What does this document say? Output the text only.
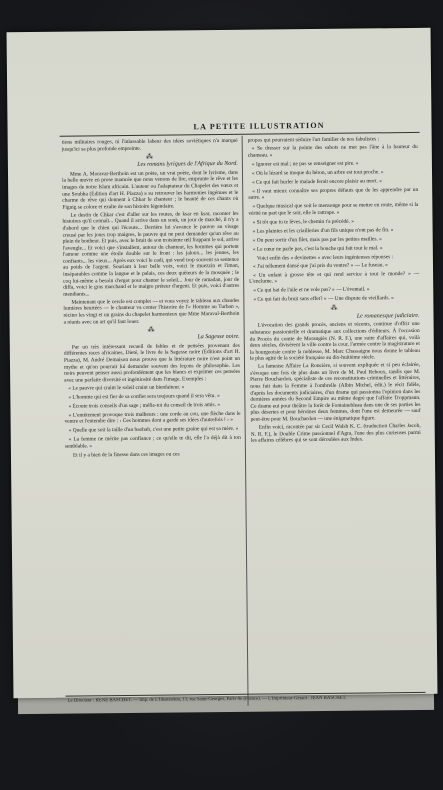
LA PETITE ILLUSTRATION

tions militaires rouges, ni l'inlassable labeur des idées soviétiques n'a marqué jusqu'ici sa plus profonde empreinte.

⁂
Les romans lyriques de l'Afrique du Nord.

Mme A. Moravat-Berthoin est un poète, un vrai poète, dont le lyrisme, dans la belle œuvre en prose nuancée que nous venons de lire, emprunte le rêve et les images de notre Islam africain. L'auteur ou l'adaptateur du Chapelet des vœux et une Soubha (Édition d'art H. Piazza) a su retrouver les harmonies ingénues et le charme de rêve qui donnent à Chkar le chanteur ; le beauté de ces chants où Figuig se colore et exalte de son histoire légendaire.

Le destin de Chkar c'est d'aller sur les routes, de ksar en ksar, raconter les histoires qu'il connaît... Quand il arrive dans un souk, un jour de marché, il n'y a d'abord que le chien qui l'écoute... Derrière lui s'avance le pauvre au visage creusé par les jours trop maigres, le pauvre qui ne peut demander qu'un rêve au plein de bonheur. Et puis, avec le bruit de son troisième œil frappant le sol, arrive l'aveugle... Et voici que s'installent, autour du chanteur, les hommes qui portent l'amour comme une étoile double sur le front : les jaloux... les jeunes, les confiants... les vieux... Après eux voici le cadi, qui vend trop souvent sa sentence au poids de l'argent. Souriant à leur belle voix, voici le muezzin et l'iman, inséparables comme la langue et le palais, ces deux quêteurs de la mosquée ; le coq lui-même a besoin d'ergot pour chanter le soleil... Jour de ramadan, jour de diffa, voici le gras marchand et le maigre préteur d'argent. Et puis, voici d'autres mendiants...

Maintenant que le cercle est complet — et vous voyez le tableau aux chaudes lumières heurtées — le chanteur va conter l'histoire de l'« Homme au Turban », réciter les vingt et un grains du chapelet harmonieux que Mme Maraval-Berthoin a réunis avec un art qu'il faut louer.

⁂
La Sagesse noire.

Par un très intéressant recueil de fables et de pensées provenant des différentes races africaines, Dieté, le livre de la Sagesse noire (Éditions d'art H. Piazza), M. André Demaison nous prouve que la littérature noire n'est point un mythe et qu'on pourrait lui demander souvent des leçons de philosophie. Les noirs peuvent penser aussi profondément que les blancs et exprimer ces pensées avec une parfaite diversité et ingéniosité dans l'image. Exemples :

« Le pauvre qui craint le soleil craint un bienfaiteur. »

« L'homme qui est fier de sa confiet sera toujours quand il sera vêtu. »

« Écoute trois conseils d'un sage ; méfie-toi du conseil de trois amis. »

« L'entêtement provoque trois malheurs : une corde au cou, une flèche dans le ventre et l'entendre dire : ‹ Ces hommes dont a gardé ses idées d'autrefois ! › »

« Quelle que soit la taille d'un baobab, c'est une petite graine qui est sa mère. »

« La femme ne mérite pas confiance ; ce qu'elle te dit, elle l'a déjà dit à ton semblable. »

Et il y a bien de la finesse dans ces images ou ces

propos qui pourraient séduire l'art familier de nos fabulistes :

« Se dresser sur la pointe des sabots ne met pas l'âne à la hauteur du chameau. »

« Ignorer est mal ; ne pas se renseigner est pire. »

« Où le lézard se moque du héron, un arbre est tout proche. »

« Ce qui fait hurler le malade ferait encore plaisir au mort. »

« Il vaut mieux connaître ses propres défauts que de les apprendre par un autre. »

« Quelque musical que soit le mensonge pour se mettre en route, même si la vérité ne part que le soir, elle le rattrape. »

« Si tôt que tu te lèves, le chemin t'a précédé. »

« Les plaintes et les criailleries d'un fils unique n'ont pas de fin. »

« On peut sortir d'un filet, mais pas par les petites mailles. »

« Le cœur ne parle pas, c'est la bouche qui fait tout le mal. »

Voici enfin des « devinettes » avec leurs ingénieuses réponses :

« J'ai tellement dansé que j'ai pris du ventre? » — Le fuseau. »

« Un enfant à grosse tête et qui rend service à tout le monde? » — L'enclume. »

« Ce qui bat de l'aile et ne vole pas? » — L'éventail. »

« Ce qui fait du bruit sans effet? » — Une dispute de vieillards. »

⁂
Le romanesque judiciaire.

L'évocation des grands procès, anciens et récents, continue d'offrir une substance passionnelle et dramatique aux collections d'éditeurs. À l'occasion du Procès du comte de Morangiès (N. R. F.), une suite d'affaires qui, voilà deux siècles, divisèrent la ville contre la cour, l'armée contre la magistrature et la bourgeoisie contre la noblesse, M. Marc Chassaigne nous donne le tableau le plus agité de la société française au dix-huitième siècle.

La fameuse Affaire La Roncière, si souvent expliquée et si peu éclairée, s'évoque une fois de plus dans un livre de M. Paul Reboux, tandis que M. Pierre Bouchardon, spécialiste de ces reconstitutions criminelles et littéraires, nous fait dans la Femme à l'ombrelle (Albin Michel, édit.) le récit fidèle, d'après les documents judiciaires, d'un drame qui passionna l'opinion dans les dernières années du Second Empire au même degré que l'affaire Troppmann. Ce drame eut pour théâtre la forêt de Fontainebleau dans une de ses parties les plus désertes et pour héroïnes deux femmes, dont l'une est demeurée — sauf peut-être pour M. Bouchardon — une énigmatique figure.

Enfin voici, racontée par sir Cecil Walsh K. C. (traduction Charles Jacob, N. R. F.), le Double Crime passionnel d'Agra, l'une des plus curieuses parmi les affaires célèbres qui se sont déroulées aux Indes.

Le Directeur : RENÉ BASCHET. — Imp. de L'Illustration, 13, rue Saint-Georges, Paris-9e (France). — L'Imprimeur-Gérant : JEAN BASCHET.
